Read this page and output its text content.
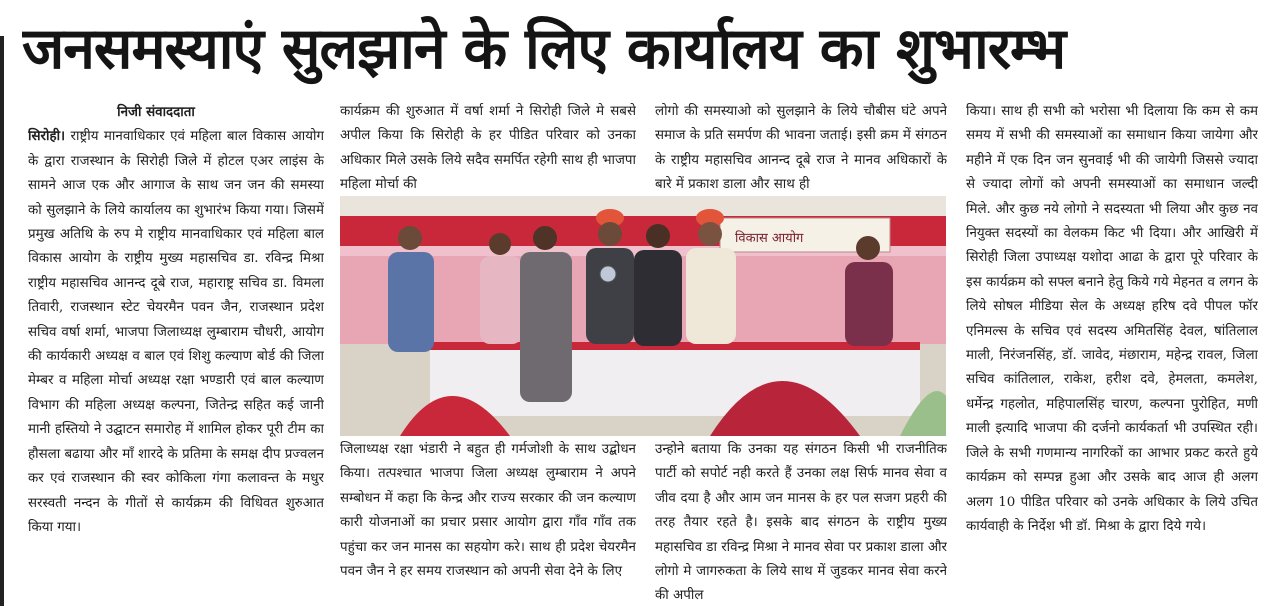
जनसमस्याएं सुलझाने के लिए कार्यालय का शुभारम्भ

निजी संवाददाता
सिरोही। राष्ट्रीय मानवाधिकार एवं महिला बाल विकास आयोग के द्वारा राजस्थान के सिरोही जिले में होटल एअर लाइंस के सामने आज एक और आगाज के साथ जन जन की समस्या को सुलझाने के लिये कार्यालय का शुभारंभ किया गया। जिसमें प्रमुख अतिथि के रुप मे राष्ट्रीय मानवाधिकार एवं महिला बाल विकास आयोग के राष्ट्रीय मुख्य महासचिव डा. रविन्द्र मिश्रा राष्ट्रीय महासचिव आनन्द दूबे राज, महाराष्ट्र सचिव डा. विमला तिवारी, राजस्थान स्टेट चेयरमैन पवन जैन, राजस्थान प्रदेश सचिव वर्षा शर्मा, भाजपा जिलाध्यक्ष लुम्बाराम चौधरी, आयोग की कार्यकारी अध्यक्ष व बाल एवं शिशु कल्याण बोर्ड की जिला मेम्बर व महिला मोर्चा अध्यक्ष रक्षा भण्डारी एवं बाल कल्याण विभाग की महिला अध्यक्ष कल्पना, जितेन्द्र सहित कई जानी मानी हस्तियो ने उद्घाटन समारोह में शामिल होकर पूरी टीम का हौसला बढाया और माँ शारदे के प्रतिमा के समक्ष दीप प्रज्वलन कर एवं राजस्थान की स्वर कोकिला गंगा कलावन्त के मधुर सरस्वती नन्दन के गीतों से कार्यक्रम की विधिवत शुरुआत किया गया।

कार्यक्रम की शुरुआत में वर्षा शर्मा ने सिरोही जिले मे सबसे अपील किया कि सिरोही के हर पीडित परिवार को उनका अधिकार मिले उसके लिये सदैव समर्पित रहेगी साथ ही भाजपा महिला मोर्चा की

लोगो की समस्याओ को सुलझाने के लिये चौबीस घंटे अपने समाज के प्रति समर्पण की भावना जताई। इसी क्रम में संगठन के राष्ट्रीय महासचिव आनन्द दूबे राज ने मानव अधिकारों के बारे में प्रकाश डाला और साथ ही

विकास आयोग

जिलाध्यक्ष रक्षा भंडारी ने बहुत ही गर्मजोशी के साथ उद्बोधन किया। तत्पश्चात भाजपा जिला अध्यक्ष लुम्बाराम ने अपने सम्बोधन में कहा कि केन्द्र और राज्य सरकार की जन कल्याण कारी योजनाओं का प्रचार प्रसार आयोग द्वारा गाँव गाँव तक पहुंचा कर जन मानस का सहयोग करे। साथ ही प्रदेश चेयरमैन पवन जैन ने हर समय राजस्थान को अपनी सेवा देने के लिए

उन्होने बताया कि उनका यह संगठन किसी भी राजनीतिक पार्टी को सपोर्ट नही करते हैं उनका लक्ष सिर्फ मानव सेवा व जीव दया है और आम जन मानस के हर पल सजग प्रहरी की तरह तैयार रहते है। इसके बाद संगठन के राष्ट्रीय मुख्य महासचिव डा रविन्द्र मिश्रा ने मानव सेवा पर प्रकाश डाला और लोगो मे जागरुकता के लिये साथ में जुडकर मानव सेवा करने की अपील

किया। साथ ही सभी को भरोसा भी दिलाया कि कम से कम समय में सभी की समस्याओं का समाधान किया जायेगा और महीने में एक दिन जन सुनवाई भी की जायेगी जिससे ज्यादा से ज्यादा लोगों को अपनी समस्याओं का समाधान जल्दी मिले. और कुछ नये लोगो ने सदस्यता भी लिया और कुछ नव नियुक्त सदस्यों का वेलकम किट भी दिया। और आखिरी में सिरोही जिला उपाध्यक्ष यशोदा आढा के द्वारा पूरे परिवार के इस कार्यक्रम को सफ्ल बनाने हेतु किये गये मेहनत व लगन के लिये सोषल मीडिया सेल के अध्यक्ष हरिष दवे पीपल फॉर एनिमल्स के सचिव एवं सदस्य अमितसिंह देवल, षांतिलाल माली, निरंजनसिंह, डॉ. जावेद, मंछाराम, महेन्द्र रावल, जिला सचिव कांतिलाल, राकेश, हरीश दवे, हेमलता, कमलेश, धर्मेन्द्र गहलोत, महिपालसिंह चारण, कल्पना पुरोहित, मणी माली इत्यादि भाजपा की दर्जनो कार्यकर्ता भी उपस्थित रही। जिले के सभी गणमान्य नागरिकों का आभार प्रकट करते हुये कार्यक्रम को सम्पन्न हुआ और उसके बाद आज ही अलग अलग 10 पीडित परिवार को उनके अधिकार के लिये उचित कार्यवाही के निर्देश भी डॉ. मिश्रा के द्वारा दिये गये।
